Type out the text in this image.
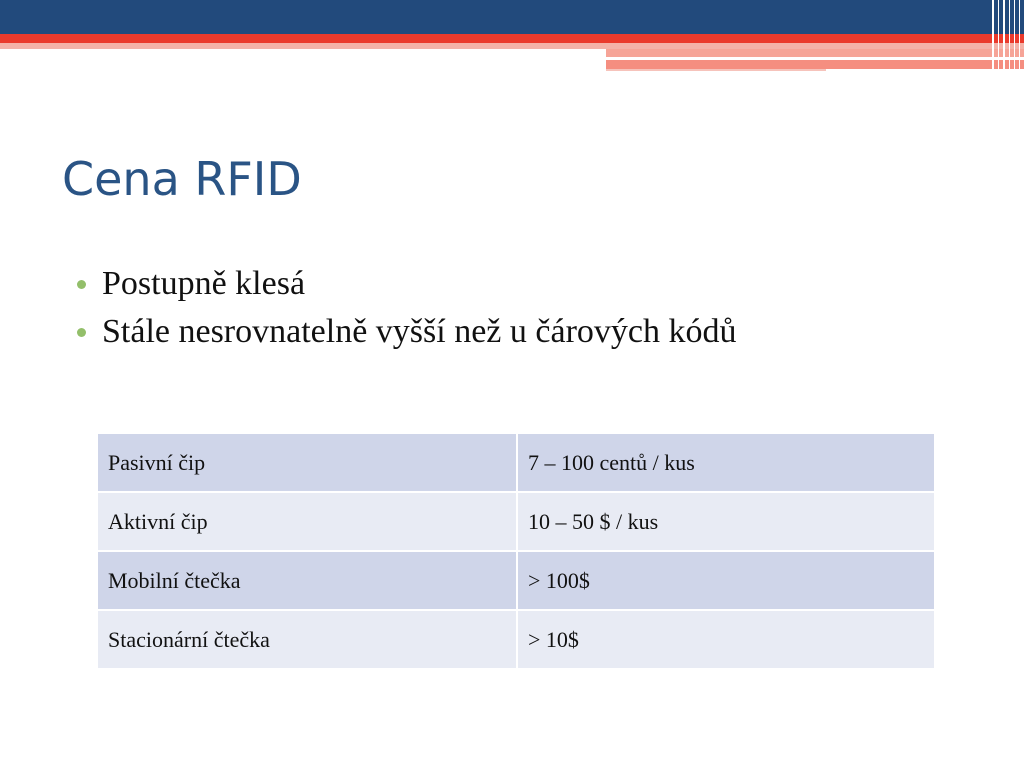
Cena RFID
Postupně klesá
Stále nesrovnatelně vyšší než u čárových kódů
Pasivní čip	7 – 100 centů / kus
Aktivní čip	10 – 50 $ / kus
Mobilní čtečka	> 100$
Stacionární čtečka	> 10$
